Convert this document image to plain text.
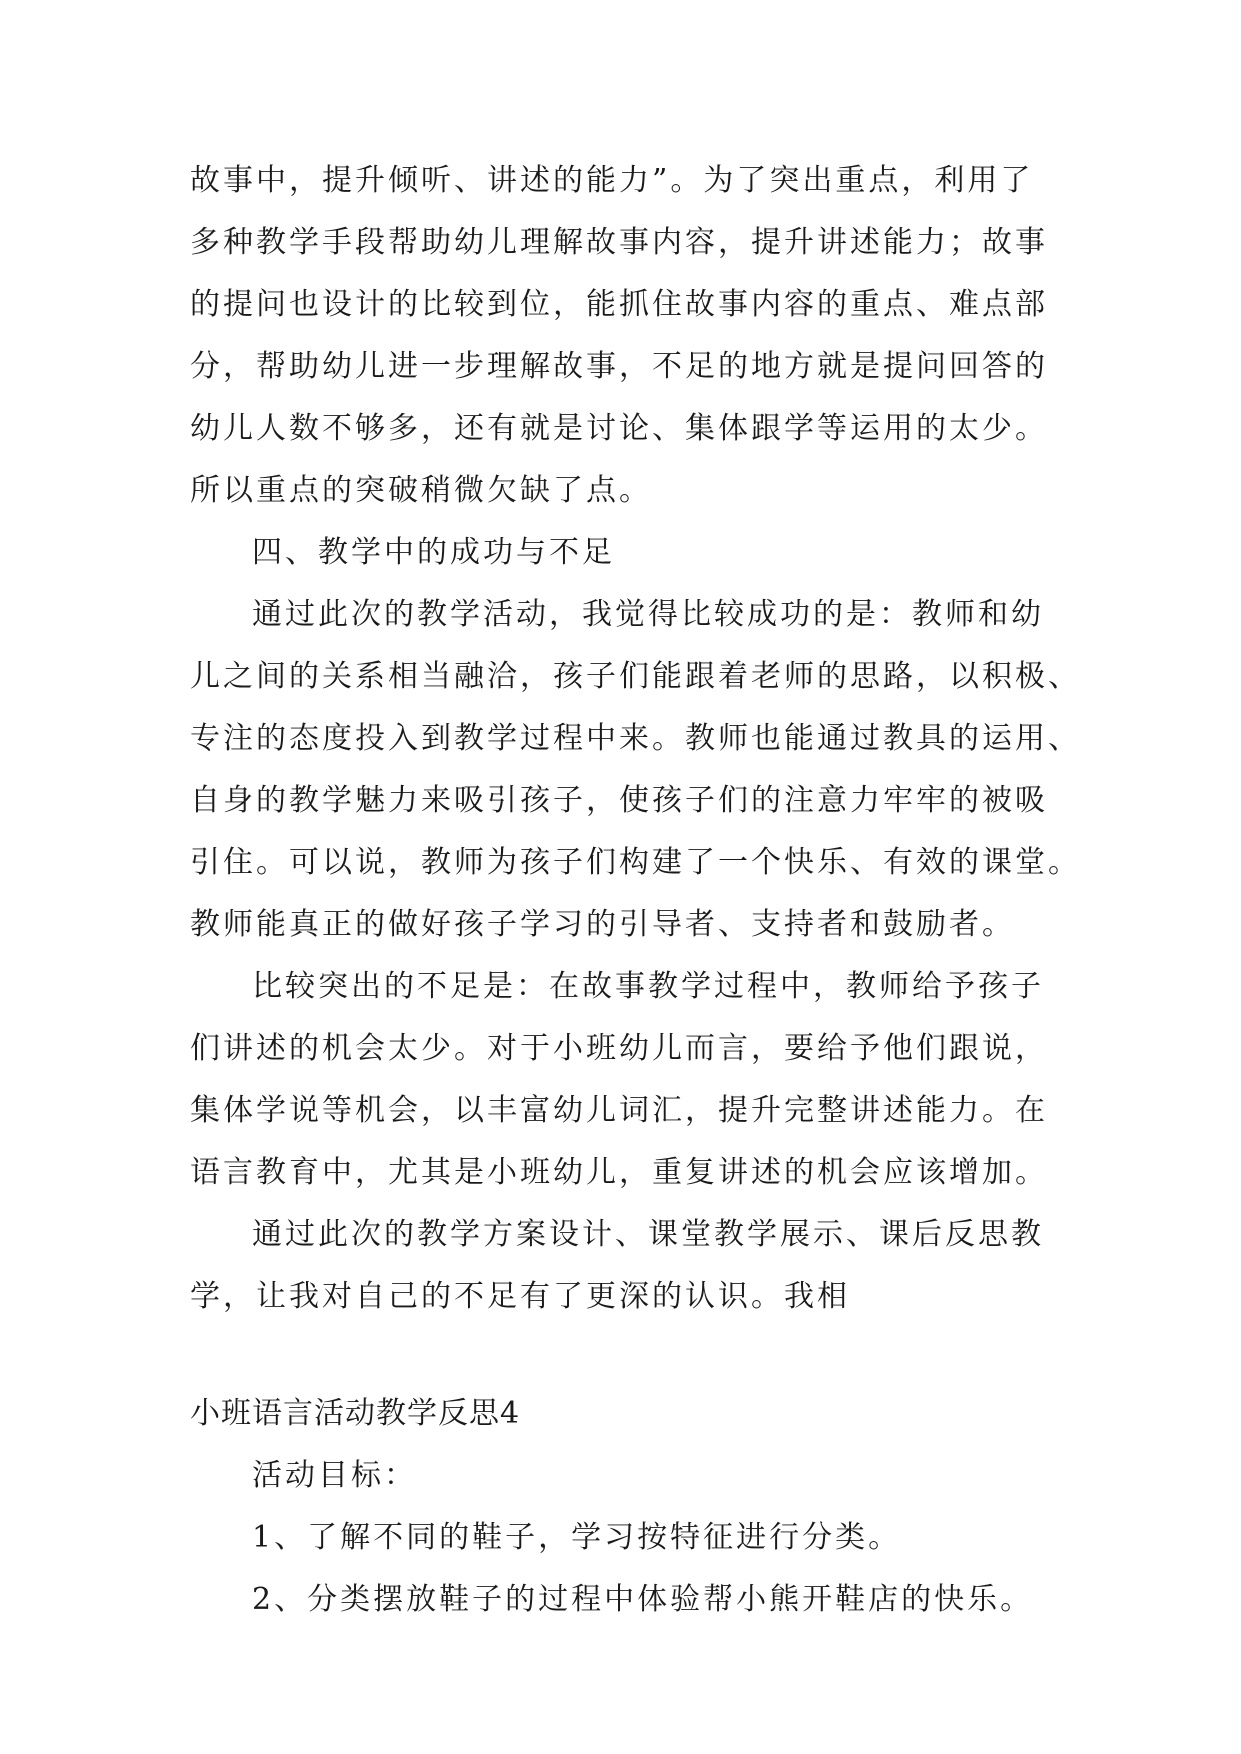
故事中，提升倾听、讲述的能力”。为了突出重点，利用了
多种教学手段帮助幼儿理解故事内容，提升讲述能力；故事
的提问也设计的比较到位，能抓住故事内容的重点、难点部
分，帮助幼儿进一步理解故事，不足的地方就是提问回答的
幼儿人数不够多，还有就是讨论、集体跟学等运用的太少。
所以重点的突破稍微欠缺了点。
四、教学中的成功与不足
通过此次的教学活动，我觉得比较成功的是：教师和幼
儿之间的关系相当融洽，孩子们能跟着老师的思路，以积极、
专注的态度投入到教学过程中来。教师也能通过教具的运用、
自身的教学魅力来吸引孩子，使孩子们的注意力牢牢的被吸
引住。可以说，教师为孩子们构建了一个快乐、有效的课堂。
教师能真正的做好孩子学习的引导者、支持者和鼓励者。
比较突出的不足是：在故事教学过程中，教师给予孩子
们讲述的机会太少。对于小班幼儿而言，要给予他们跟说，
集体学说等机会，以丰富幼儿词汇，提升完整讲述能力。在
语言教育中，尤其是小班幼儿，重复讲述的机会应该增加。
通过此次的教学方案设计、课堂教学展示、课后反思教
学，让我对自己的不足有了更深的认识。我相
小班语言活动教学反思4
活动目标：
1、了解不同的鞋子，学习按特征进行分类。
2、分类摆放鞋子的过程中体验帮小熊开鞋店的快乐。
